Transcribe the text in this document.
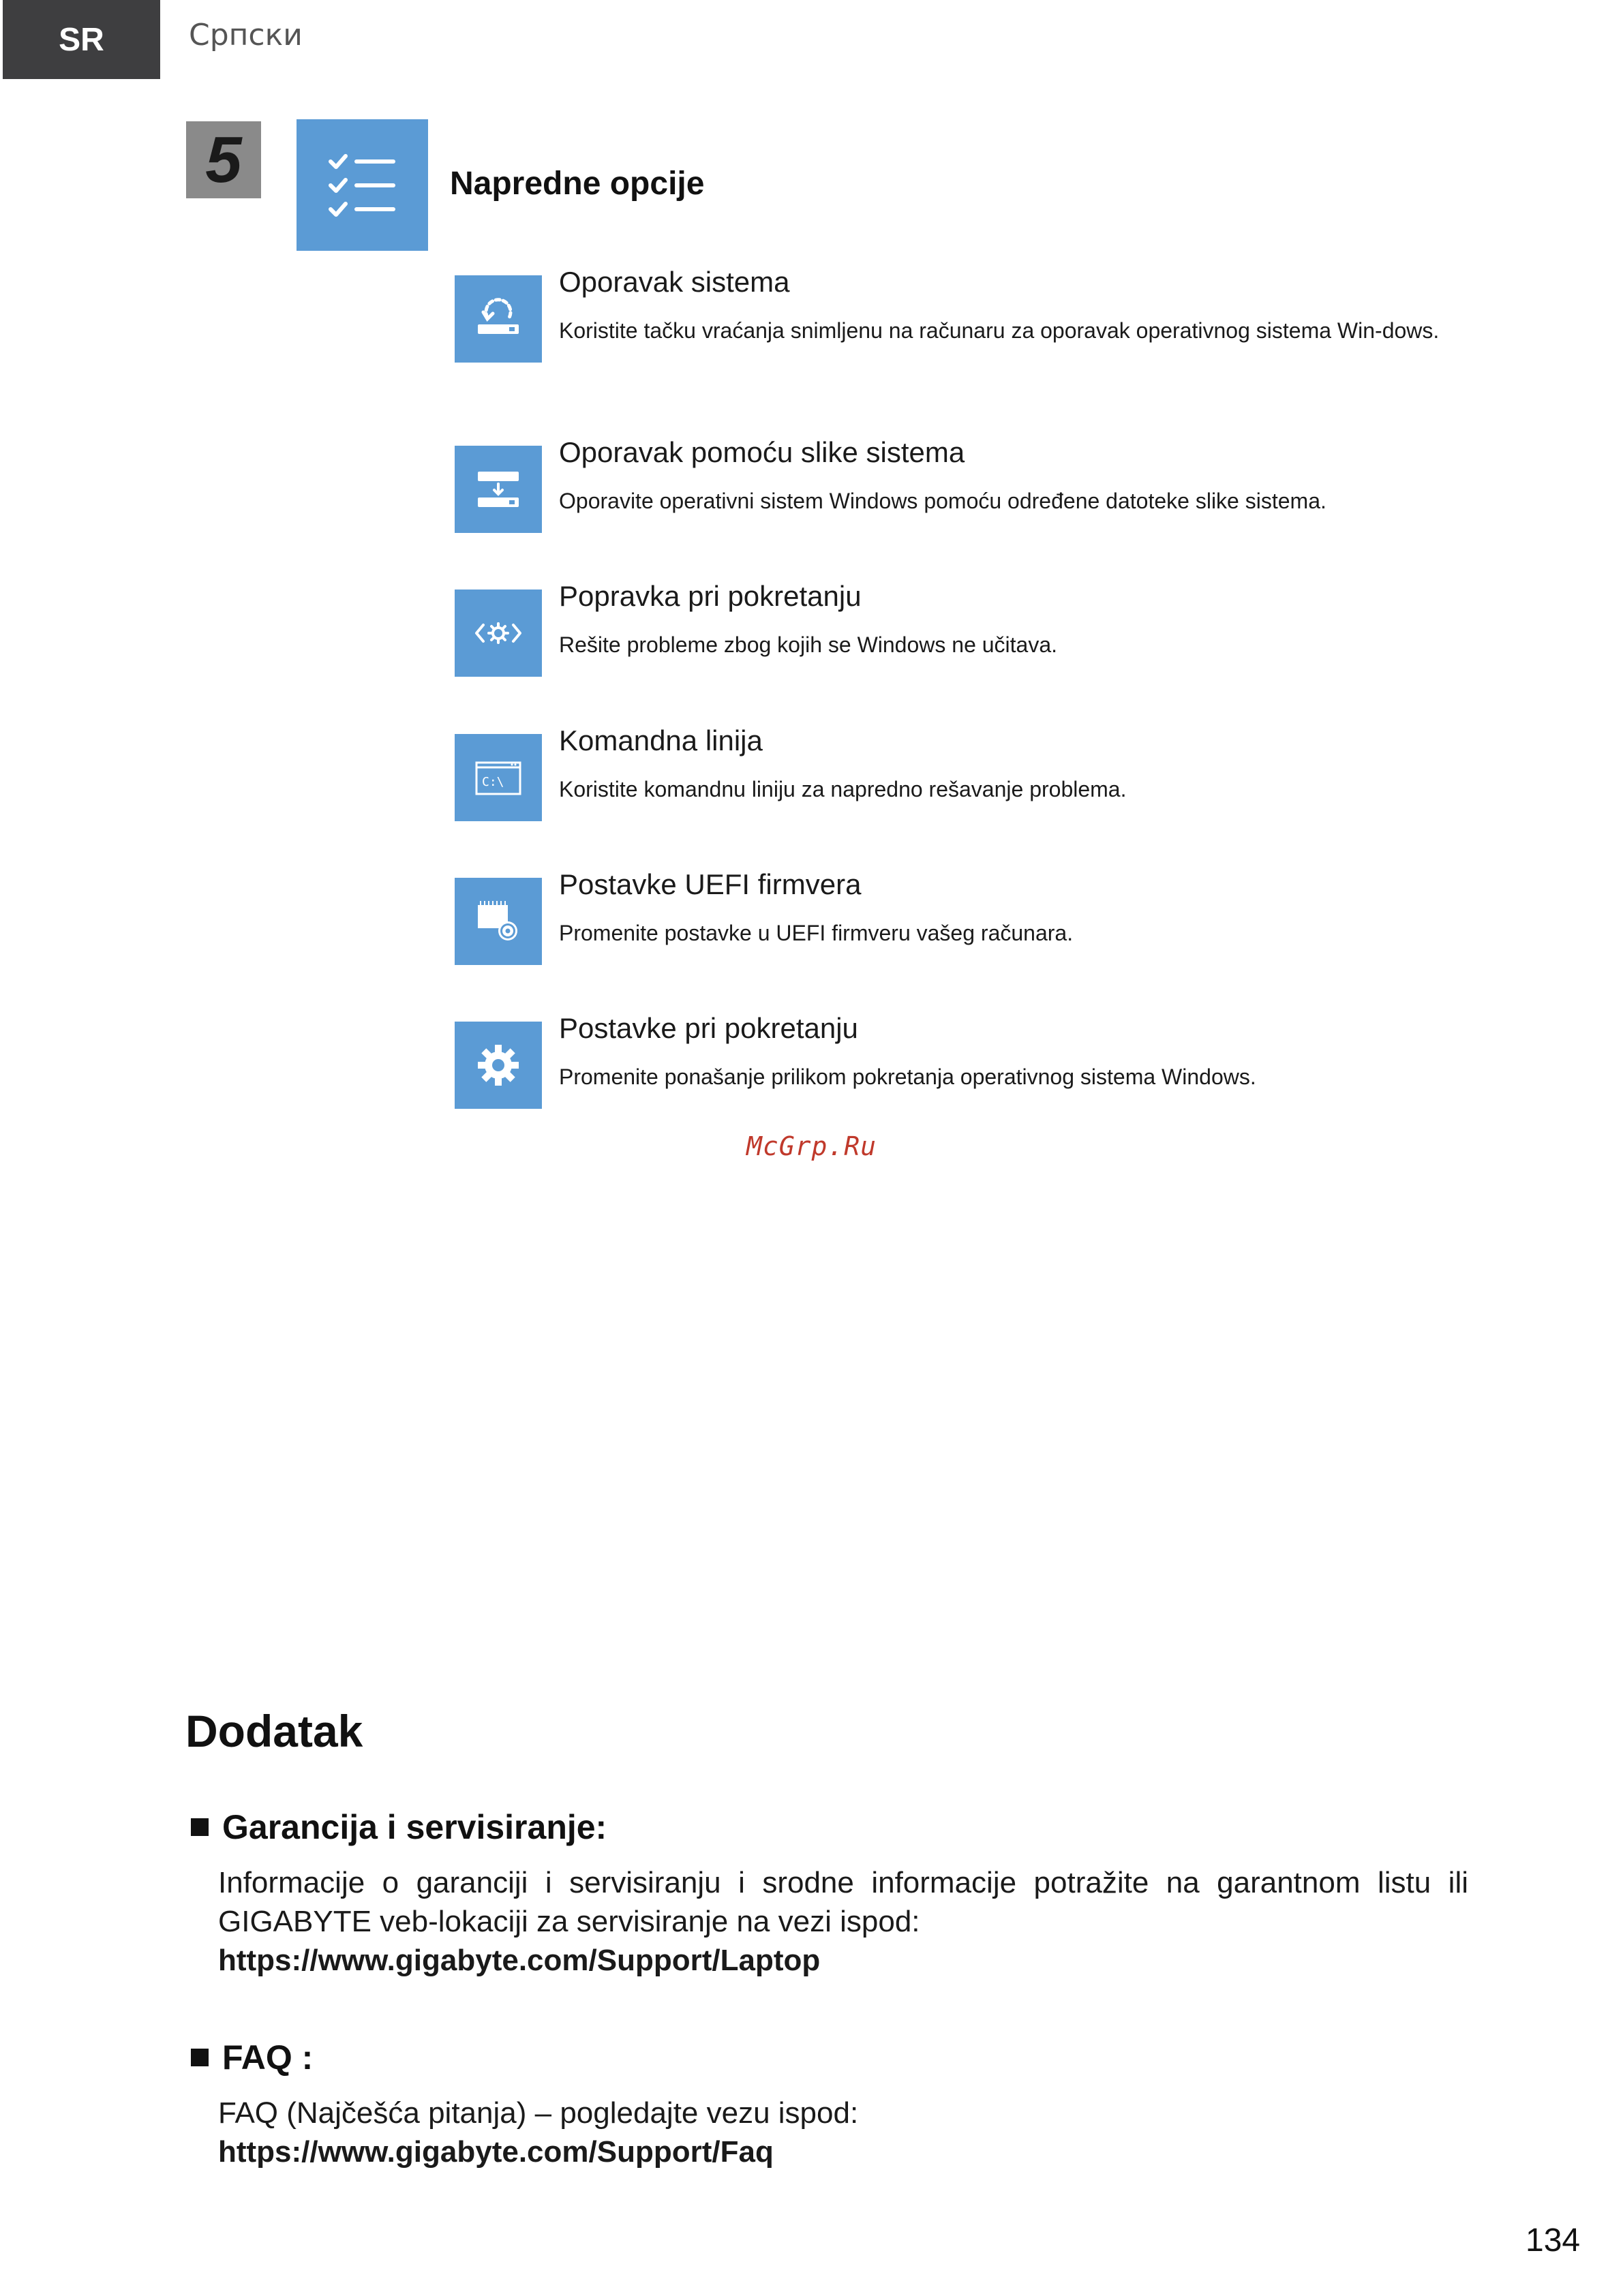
SR	Српски
5	Napredne opcije
Oporavak sistema
Koristite tačku vraćanja snimljenu na računaru za oporavak operativnog sistema Win-dows.
Oporavak pomoću slike sistema
Oporavite operativni sistem Windows pomoću određene datoteke slike sistema.
Popravka pri pokretanju
Rešite probleme zbog kojih se Windows ne učitava.
C:\
Komandna linija
Koristite komandnu liniju za napredno rešavanje problema.
Postavke UEFI firmvera
Promenite postavke u UEFI firmveru vašeg računara.
Postavke pri pokretanju
Promenite ponašanje prilikom pokretanja operativnog sistema Windows.
McGrp.Ru
Dodatak
Garancija i servisiranje:
Informacije o garanciji i servisiranju i srodne informacije potražite na garantnom listu ili GIGABYTE veb-lokaciji za servisiranje na vezi ispod:
https://www.gigabyte.com/Support/Laptop
FAQ :
FAQ (Najčešća pitanja) – pogledajte vezu ispod:
https://www.gigabyte.com/Support/Faq
134
